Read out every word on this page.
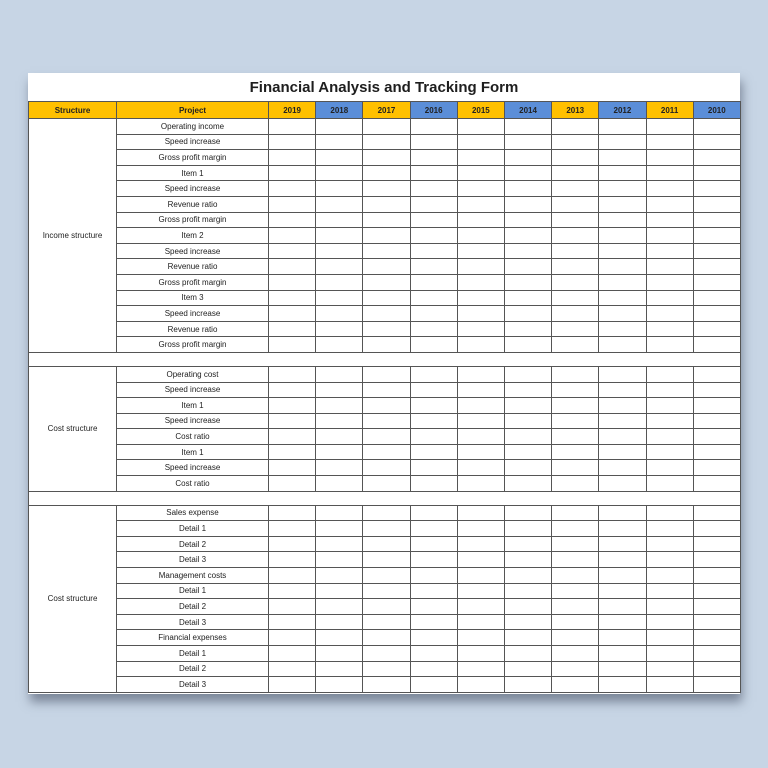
Financial Analysis and Tracking Form
Structure	Project	2019	2018	2017	2016	2015	2014	2013	2012	2011	2010
Income structure	Operating income										
	Speed increase										
	Gross profit margin										
	Item 1										
	Speed increase										
	Revenue ratio										
	Gross profit margin										
	Item 2										
	Speed increase										
	Revenue ratio										
	Gross profit margin										
	Item 3										
	Speed increase										
	Revenue ratio										
	Gross profit margin										

Cost structure	Operating cost										
	Speed increase										
	Item 1										
	Speed increase										
	Cost ratio										
	Item 1										
	Speed increase										
	Cost ratio										

Cost structure	Sales expense										
	Detail 1										
	Detail 2										
	Detail 3										
	Management costs										
	Detail 1										
	Detail 2										
	Detail 3										
	Financial expenses										
	Detail 1										
	Detail 2										
	Detail 3										
